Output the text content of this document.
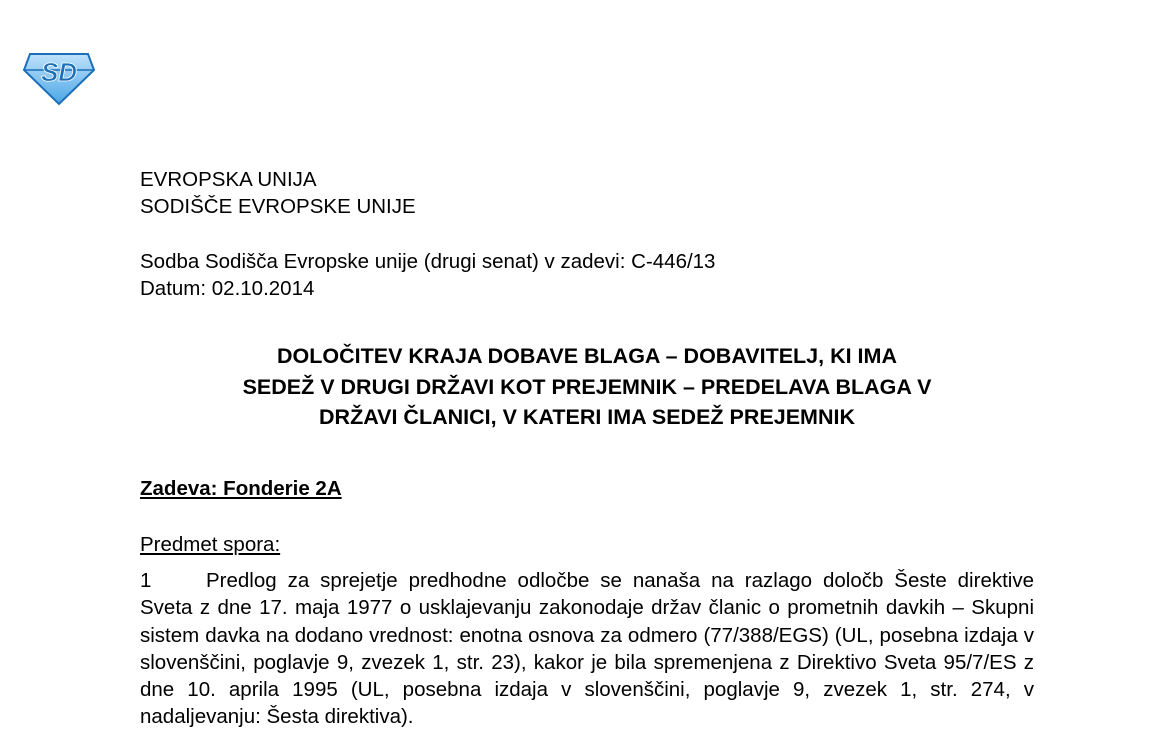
SD

EVROPSKA UNIJA

SODIŠČE EVROPSKE UNIJE

Sodba Sodišča Evropske unije (drugi senat) v zadevi: C-446/13

Datum: 02.10.2014

DOLOČITEV KRAJA DOBAVE BLAGA – DOBAVITELJ, KI IMA
SEDEŽ V DRUGI DRŽAVI KOT PREJEMNIK – PREDELAVA BLAGA V
DRŽAVI ČLANICI, V KATERI IMA SEDEŽ PREJEMNIK

Zadeva: Fonderie 2A

Predmet spora:

1	Predlog za sprejetje predhodne odločbe se nanaša na razlago določb Šeste direktive Sveta z dne 17. maja 1977 o usklajevanju zakonodaje držav članic o prometnih davkih – Skupni sistem davka na dodano vrednost: enotna osnova za odmero (77/388/EGS) (UL, posebna izdaja v slovenščini, poglavje 9, zvezek 1, str. 23), kakor je bila spremenjena z Direktivo Sveta 95/7/ES z dne 10. aprila 1995 (UL, posebna izdaja v slovenščini, poglavje 9, zvezek 1, str. 274, v nadaljevanju: Šesta direktiva).
